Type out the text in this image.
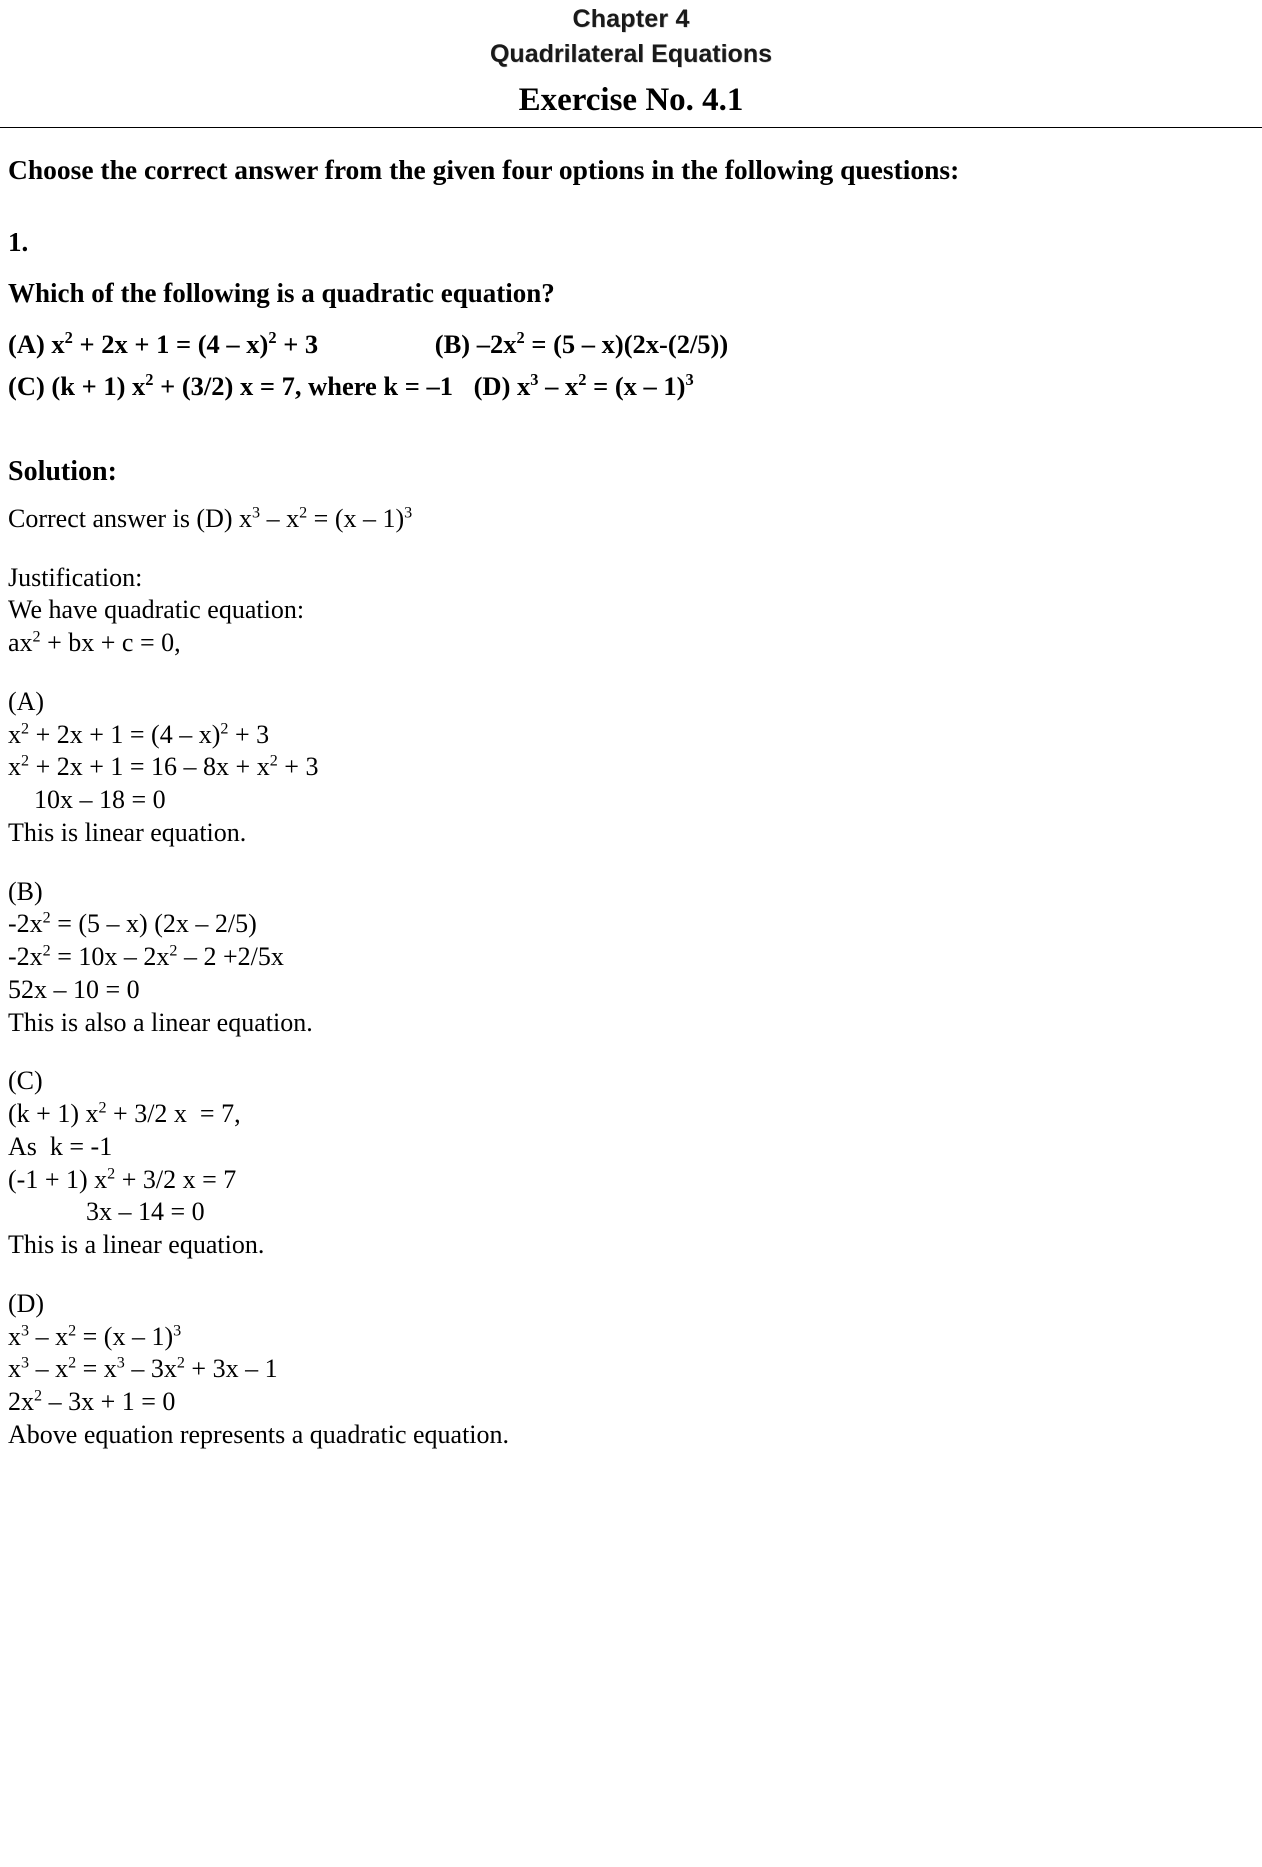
Chapter 4
Quadrilateral Equations
Exercise No. 4.1
Choose the correct answer from the given four options in the following questions:
1.
Which of the following is a quadratic equation?
(A) $x^2 + 2x + 1 = (4 - x)^2 + 3$	(B) $-2x^2 = (5 - x)(2x-(2/5))$
(C) (k + 1) $x^2 + (3/2) x = 7$, where k = –1 (D) $x^3 - x^2 = (x - 1)^3$
Solution:
Correct answer is (D) $x^3 - x^2 = (x - 1)^3$
Justification:
We have quadratic equation:
$ax^2$ + bx + c = 0,
(A)
$x^2 + 2x + 1 = (4 - x)^2 + 3$
$x^2 + 2x + 1 = 16 - 8x + x^2 + 3$
10x – 18 = 0
This is linear equation.
(B)
$-2x^2 = (5 - x)$ (2x – 2/5)
$-2x^2 = 10x - 2x^2 - 2 +2/5x$
52x – 10 = 0
This is also a linear equation.
(C)
(k + 1) $x^2 + 3/2$ x  = 7,
As  k = -1
(-1 + 1) $x^2 + 3/2$ x = 7
3x – 14 = 0
This is a linear equation.
(D)
$x^3 - x^2 = (x - 1)^3$
$x^3 - x^2 = x^3 - 3x^2 + 3x - 1$
$2x^2 - 3x + 1 = 0$
Above equation represents a quadratic equation.
